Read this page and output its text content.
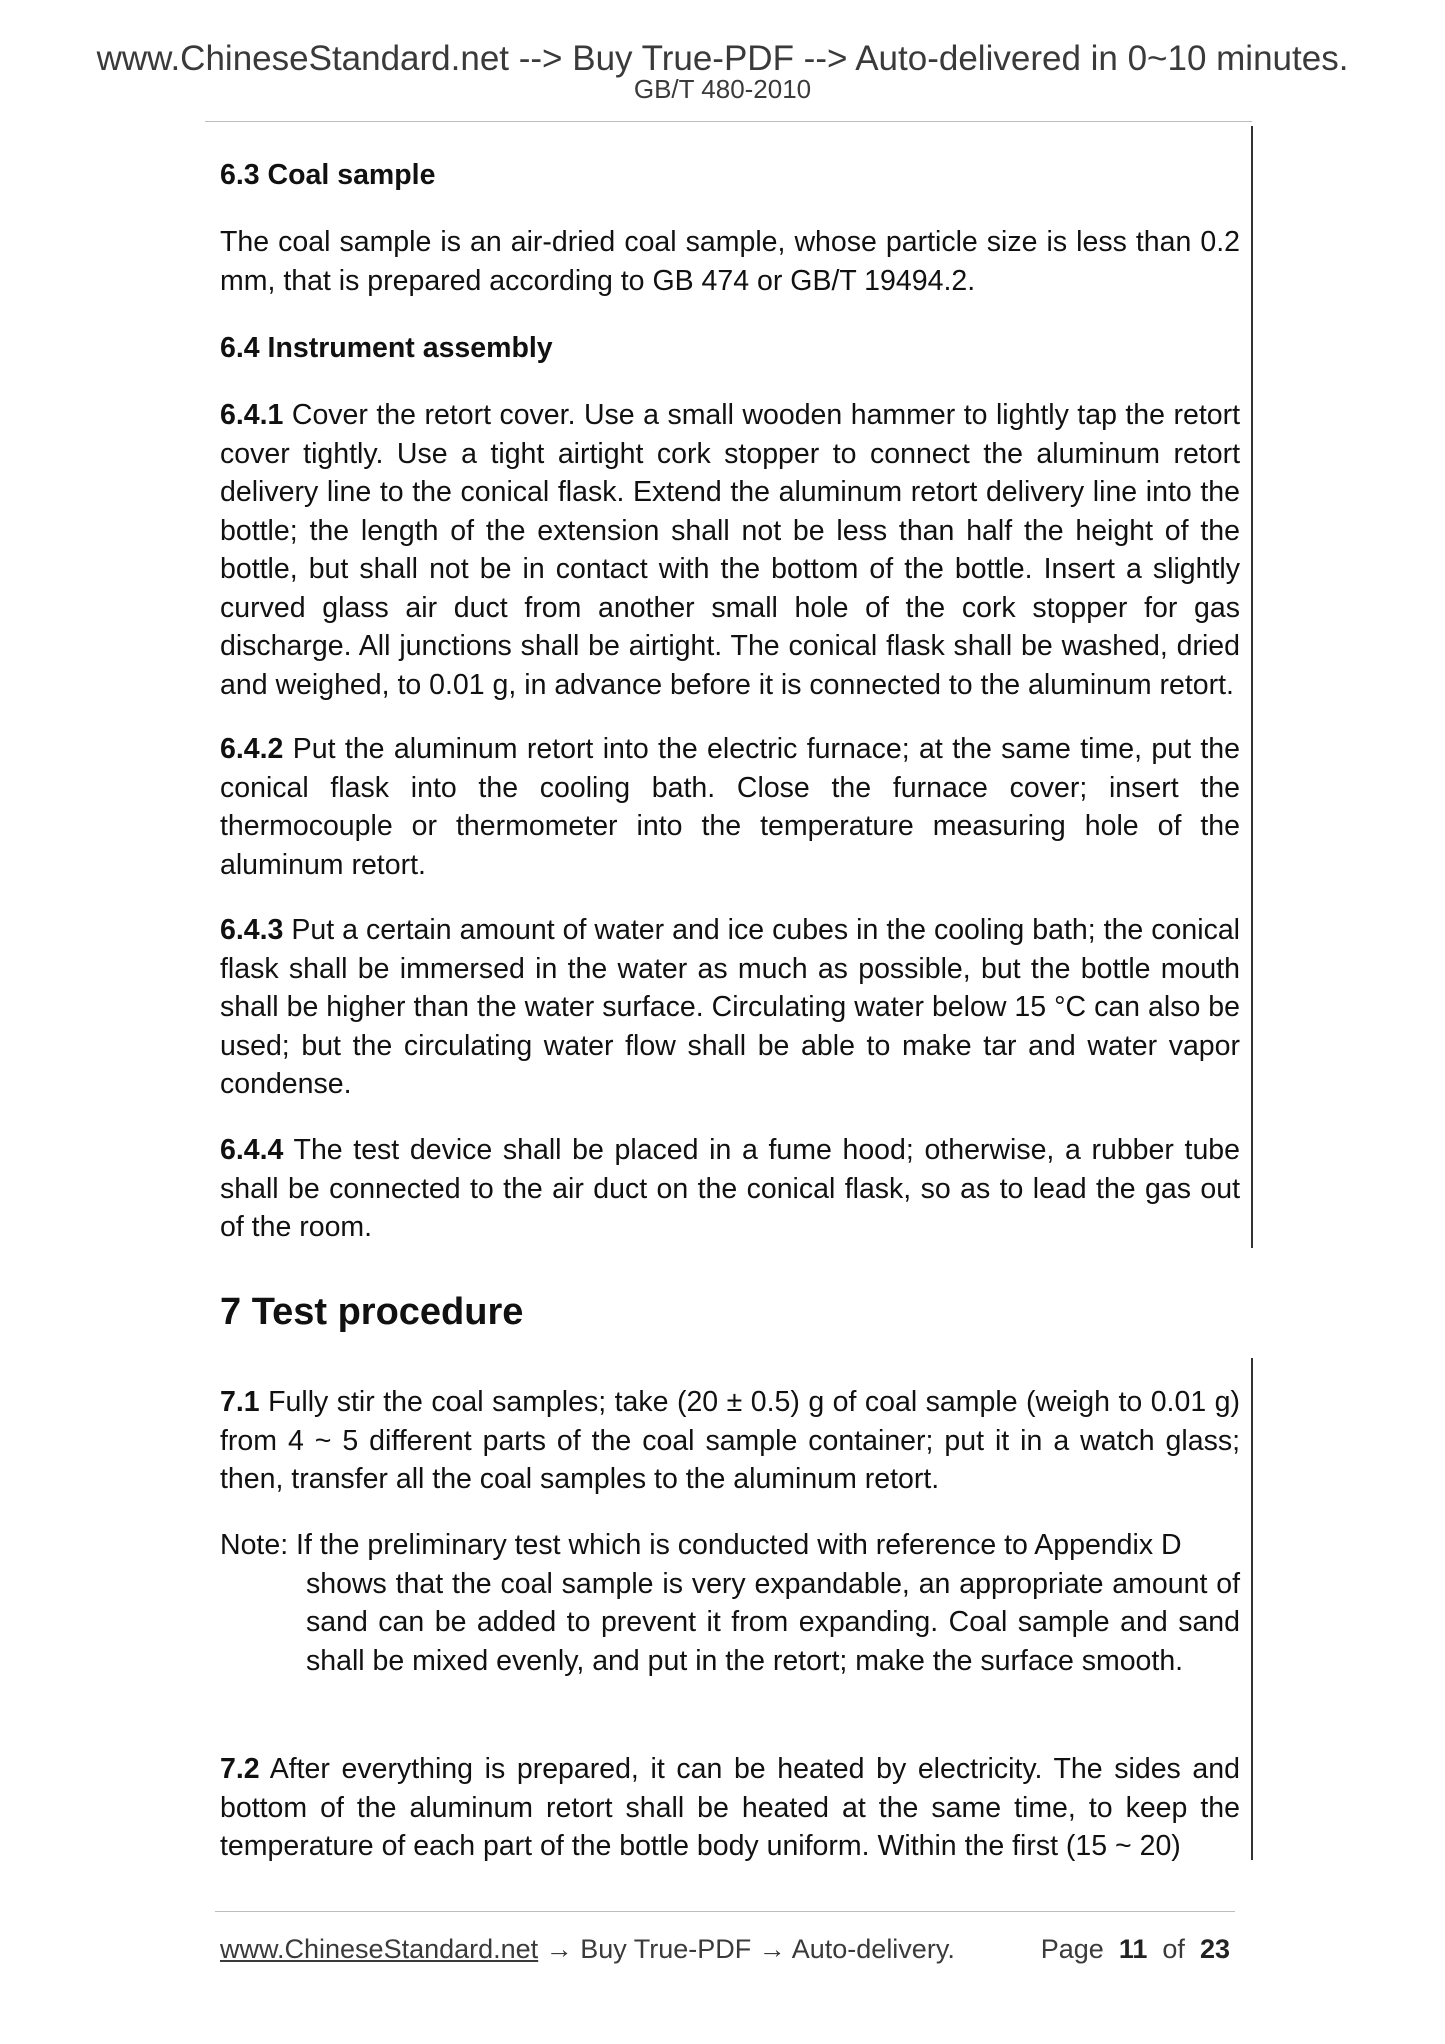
www.ChineseStandard.net --> Buy True-PDF --> Auto-delivered in 0~10 minutes.
GB/T 480-2010
6.3 Coal sample

The coal sample is an air-dried coal sample, whose particle size is less than 0.2 mm, that is prepared according to GB 474 or GB/T 19494.2.

6.4 Instrument assembly

6.4.1 Cover the retort cover. Use a small wooden hammer to lightly tap the retort cover tightly. Use a tight airtight cork stopper to connect the aluminum retort delivery line to the conical flask. Extend the aluminum retort delivery line into the bottle; the length of the extension shall not be less than half the height of the bottle, but shall not be in contact with the bottom of the bottle. Insert a slightly curved glass air duct from another small hole of the cork stopper for gas discharge. All junctions shall be airtight. The conical flask shall be washed, dried and weighed, to 0.01 g, in advance before it is connected to the aluminum retort.

6.4.2 Put the aluminum retort into the electric furnace; at the same time, put the conical flask into the cooling bath. Close the furnace cover; insert the thermocouple or thermometer into the temperature measuring hole of the aluminum retort.

6.4.3 Put a certain amount of water and ice cubes in the cooling bath; the conical flask shall be immersed in the water as much as possible, but the bottle mouth shall be higher than the water surface. Circulating water below 15 °C can also be used; but the circulating water flow shall be able to make tar and water vapor condense.

6.4.4 The test device shall be placed in a fume hood; otherwise, a rubber tube shall be connected to the air duct on the conical flask, so as to lead the gas out of the room.

7 Test procedure

7.1 Fully stir the coal samples; take (20 ± 0.5) g of coal sample (weigh to 0.01 g) from 4 ~ 5 different parts of the coal sample container; put it in a watch glass; then, transfer all the coal samples to the aluminum retort.

Note: If the preliminary test which is conducted with reference to Appendix D
shows that the coal sample is very expandable, an appropriate amount of sand can be added to prevent it from expanding. Coal sample and sand shall be mixed evenly, and put in the retort; make the surface smooth.

7.2 After everything is prepared, it can be heated by electricity. The sides and bottom of the aluminum retort shall be heated at the same time, to keep the temperature of each part of the bottle body uniform. Within the first (15 ~ 20)

www.ChineseStandard.net → Buy True-PDF → Auto-delivery.	Page 11 of 23
